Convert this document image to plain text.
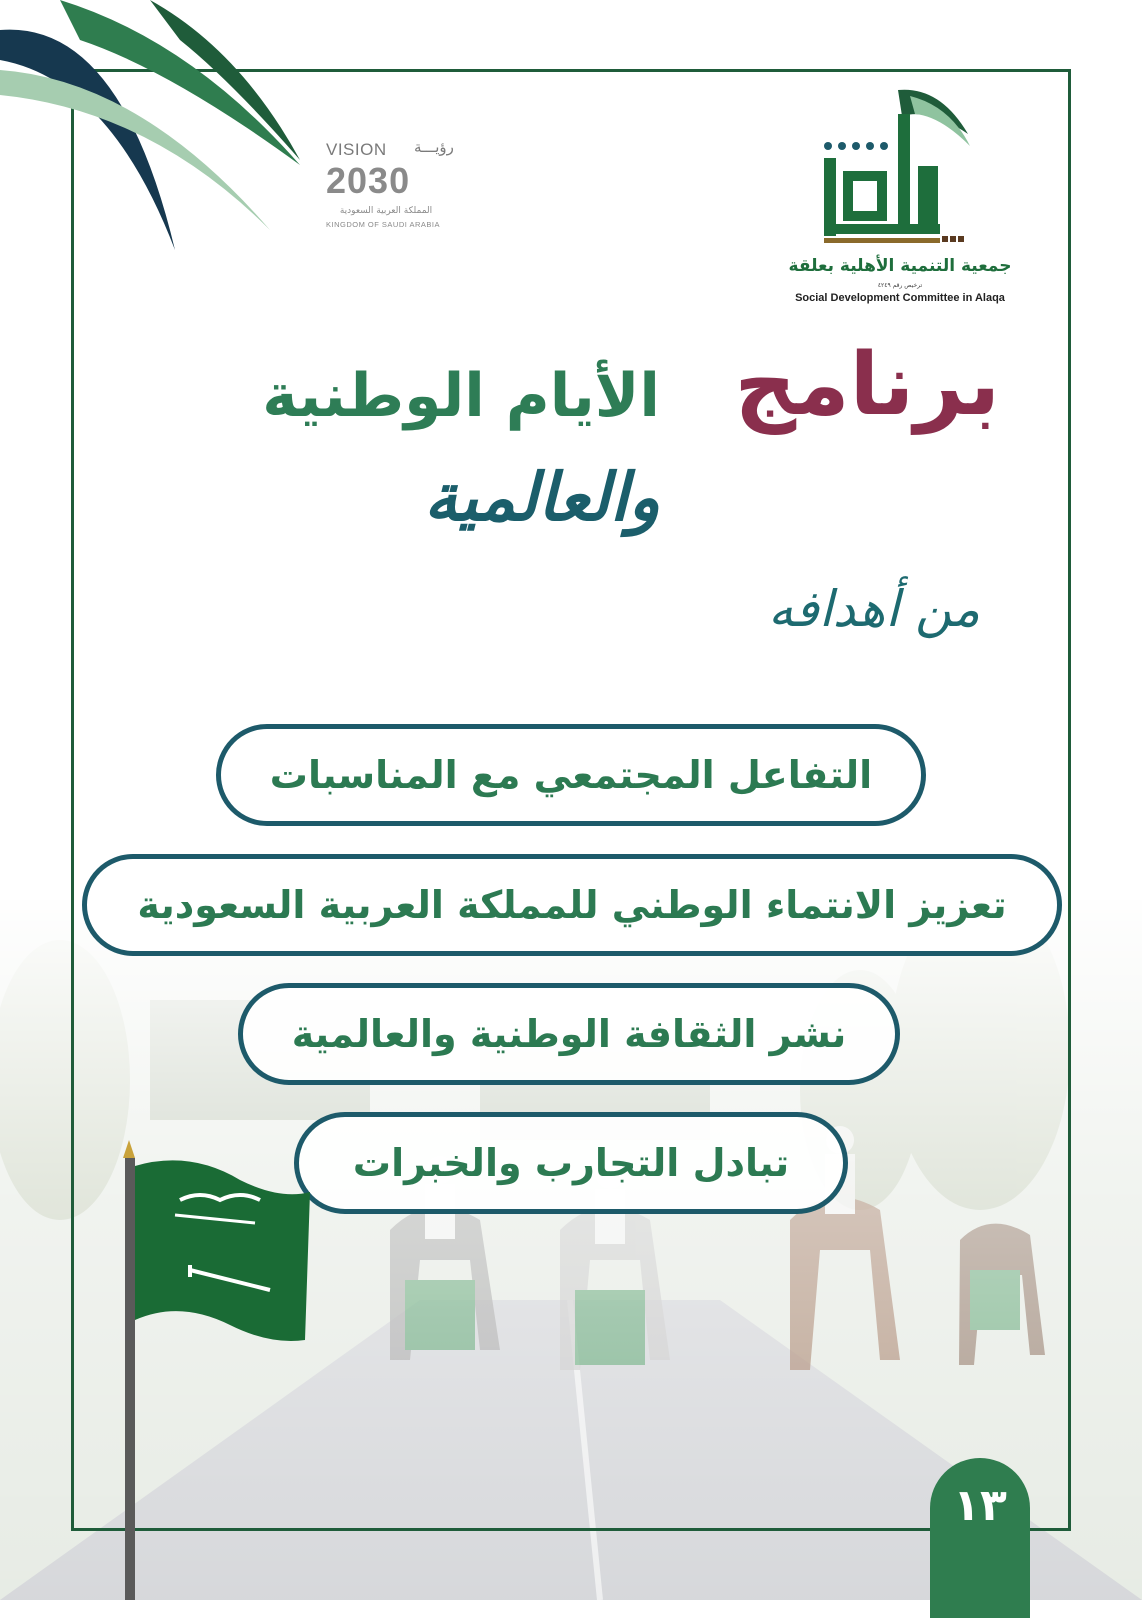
VISION رؤيـــة
2030
المملكة العربية السعودية
KINGDOM OF SAUDI ARABIA
جمعية التنمية الأهلية بعلقة
ترخيص رقم ٤٢٤٩
Social Development Committee in Alaqa
برنامج
الأيام الوطنية
والعالمية
من أهدافه
التفاعل المجتمعي مع المناسبات
تعزيز الانتماء الوطني للمملكة العربية السعودية
نشر الثقافة الوطنية والعالمية
تبادل التجارب والخبرات
١٣
